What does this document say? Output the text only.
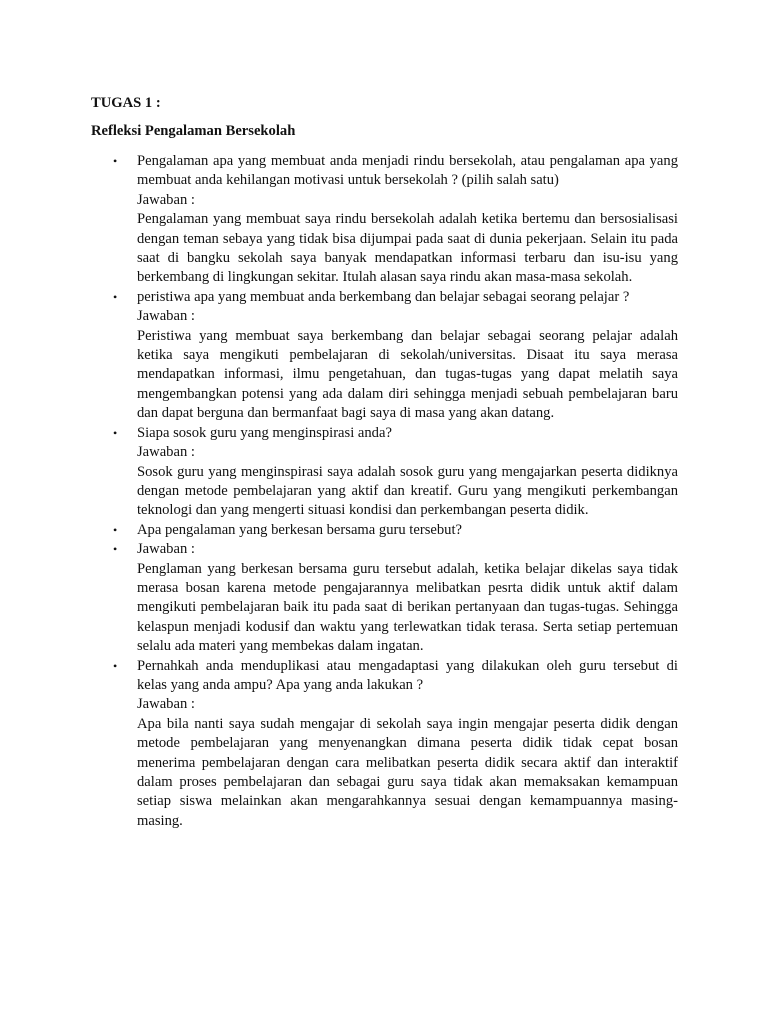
TUGAS 1 :

Refleksi Pengalaman Bersekolah

•	Pengalaman apa yang membuat anda menjadi rindu bersekolah, atau pengalaman apa yang
membuat anda kehilangan motivasi untuk bersekolah ? (pilih salah satu)
Jawaban :
Pengalaman yang membuat saya rindu bersekolah adalah ketika bertemu dan bersosialisasi
dengan teman sebaya yang tidak bisa dijumpai pada saat di dunia pekerjaan. Selain itu pada
saat di bangku sekolah saya banyak mendapatkan informasi terbaru dan isu-isu yang
berkembang di lingkungan sekitar. Itulah alasan saya rindu akan masa-masa sekolah.
•	peristiwa apa yang membuat anda berkembang dan belajar sebagai seorang pelajar ?
Jawaban :
Peristiwa yang membuat saya berkembang dan belajar sebagai seorang pelajar adalah
ketika saya mengikuti pembelajaran di sekolah/universitas. Disaat itu saya merasa
mendapatkan informasi, ilmu pengetahuan, dan tugas-tugas yang dapat melatih saya
mengembangkan potensi yang ada dalam diri sehingga menjadi sebuah pembelajaran baru
dan dapat berguna dan bermanfaat bagi saya di masa yang akan datang.
•	Siapa sosok guru yang menginspirasi anda?
Jawaban :
Sosok guru yang menginspirasi saya adalah sosok guru yang mengajarkan peserta didiknya
dengan metode pembelajaran yang aktif dan kreatif. Guru yang mengikuti perkembangan
teknologi dan yang mengerti situasi kondisi dan perkembangan peserta didik.
•	Apa pengalaman yang berkesan bersama guru tersebut?
•	Jawaban :
Penglaman yang berkesan bersama guru tersebut adalah, ketika belajar dikelas saya tidak
merasa bosan karena metode pengajarannya melibatkan pesrta didik untuk aktif dalam
mengikuti pembelajaran baik itu pada saat di berikan pertanyaan dan tugas-tugas. Sehingga
kelaspun menjadi kodusif dan waktu yang terlewatkan tidak terasa. Serta setiap pertemuan
selalu ada materi yang membekas dalam ingatan.
•	Pernahkah anda menduplikasi atau mengadaptasi yang dilakukan oleh guru tersebut di
kelas yang anda ampu? Apa yang anda lakukan ?
Jawaban :
Apa bila nanti saya sudah mengajar di sekolah saya ingin mengajar peserta didik dengan
metode pembelajaran yang menyenangkan dimana peserta didik tidak cepat bosan
menerima pembelajaran dengan cara melibatkan peserta didik secara aktif dan interaktif
dalam proses pembelajaran dan sebagai guru saya tidak akan memaksakan kemampuan
setiap siswa melainkan akan mengarahkannya sesuai dengan kemampuannya masing-
masing.
